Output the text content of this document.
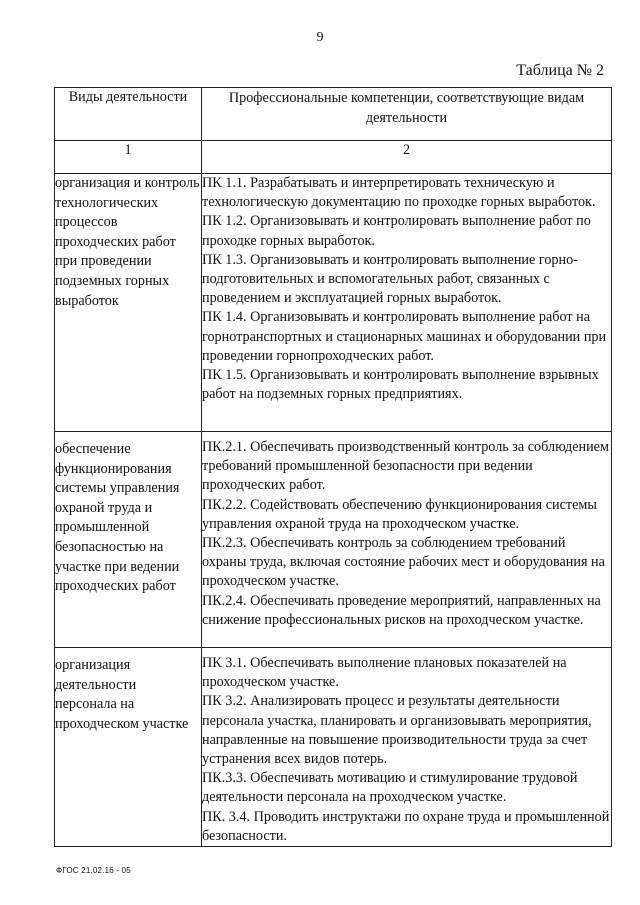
9
Таблица № 2
Виды деятельности	Профессиональные компетенции, соответствующие видам деятельности
1	2
организация и контроль технологических процессов проходческих работ при проведении подземных горных выработок	ПК 1.1. Разрабатывать и интерпретировать техническую и технологическую документацию по проходке горных выработок.

ПК 1.2. Организовывать и контролировать выполнение работ по проходке горных выработок.

ПК 1.3. Организовывать и контролировать выполнение горно-подготовительных и вспомогательных работ, связанных с проведением и эксплуатацией горных выработок.

ПК 1.4. Организовывать и контролировать выполнение работ на горнотранспортных и стационарных машинах и оборудовании при проведении горнопроходческих работ.

ПК 1.5. Организовывать и контролировать выполнение взрывных работ на подземных горных предприятиях.

обеспечение функционирования системы управления охраной труда и промышленной безопасностью на участке при ведении проходческих работ	ПК.2.1. Обеспечивать производственный контроль за соблюдением требований промышленной безопасности при ведении проходческих работ.

ПК.2.2. Содействовать обеспечению функционирования системы управления охраной труда на проходческом участке.

ПК.2.3. Обеспечивать контроль за соблюдением требований охраны труда, включая состояние рабочих мест и оборудования на проходческом участке.

ПК.2.4. Обеспечивать проведение мероприятий, направленных на снижение профессиональных рисков на проходческом участке.

организация деятельности персонала на проходческом участке	ПК 3.1. Обеспечивать выполнение плановых показателей на проходческом участке.

ПК 3.2. Анализировать процесс и результаты деятельности персонала участка, планировать и организовывать мероприятия, направленные на повышение производительности труда за счет устранения всех видов потерь.

ПК.3.3. Обеспечивать мотивацию и стимулирование трудовой деятельности персонала на проходческом участке.

ПК. 3.4. Проводить инструктажи по охране труда и промышленной безопасности.

ФГОС 21.02.16 - 05
